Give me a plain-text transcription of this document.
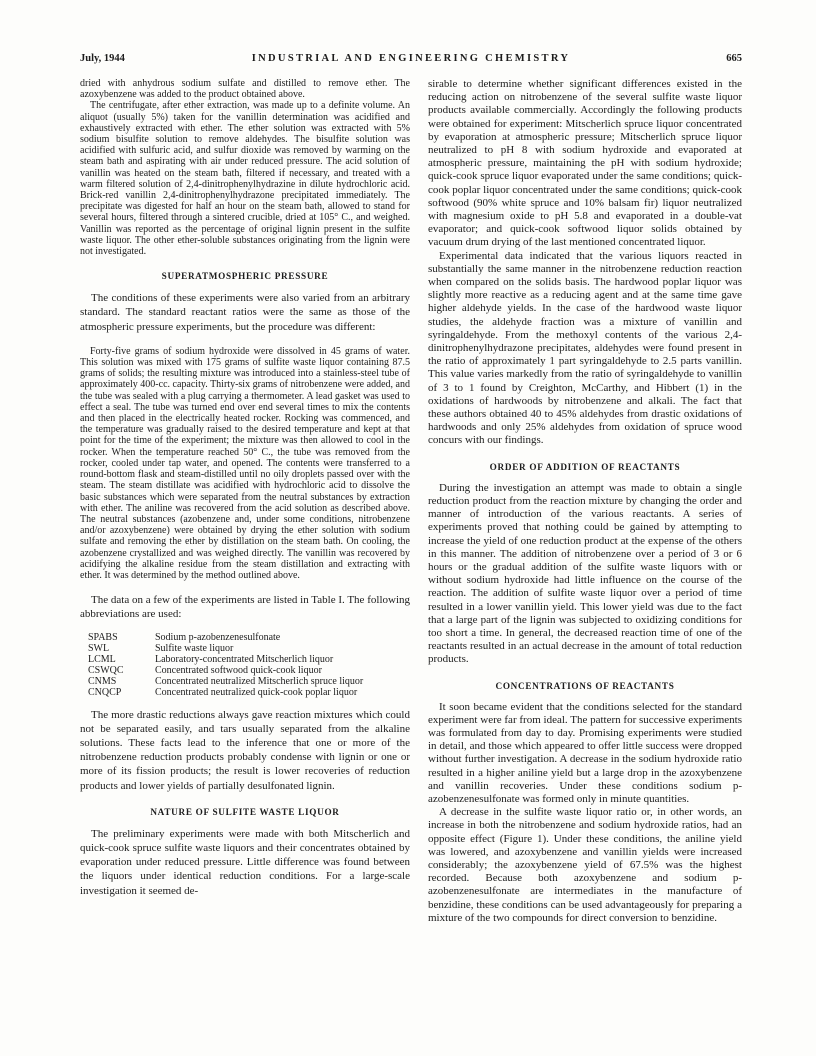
July, 1944	INDUSTRIAL AND ENGINEERING CHEMISTRY	665

dried with anhydrous sodium sulfate and distilled to remove ether. The azoxybenzene was added to the product obtained above.

The centrifugate, after ether extraction, was made up to a definite volume. An aliquot (usually 5%) taken for the vanillin determination was acidified and exhaustively extracted with ether. The ether solution was extracted with 5% sodium bisulfite solution to remove aldehydes. The bisulfite solution was acidified with sulfuric acid, and sulfur dioxide was removed by warming on the steam bath and aspirating with air under reduced pressure. The acid solution of vanillin was heated on the steam bath, filtered if necessary, and treated with a warm filtered solution of 2,4-dinitrophenylhydrazine in dilute hydrochloric acid. Brick-red vanillin 2,4-dinitrophenylhydrazone precipitated immediately. The precipitate was digested for half an hour on the steam bath, allowed to stand for several hours, filtered through a sintered crucible, dried at 105° C., and weighed. Vanillin was reported as the percentage of original lignin present in the sulfite waste liquor. The other ether-soluble substances originating from the lignin were not investigated.

SUPERATMOSPHERIC PRESSURE

The conditions of these experiments were also varied from an arbitrary standard. The standard reactant ratios were the same as those of the atmospheric pressure experiments, but the procedure was different:

Forty-five grams of sodium hydroxide were dissolved in 45 grams of water. This solution was mixed with 175 grams of sulfite waste liquor containing 87.5 grams of solids; the resulting mixture was introduced into a stainless-steel tube of approximately 400-cc. capacity. Thirty-six grams of nitrobenzene were added, and the tube was sealed with a plug carrying a thermometer. A lead gasket was used to effect a seal. The tube was turned end over end several times to mix the contents and then placed in the electrically heated rocker. Rocking was commenced, and the temperature was gradually raised to the desired temperature and kept at that point for the time of the experiment; the mixture was then allowed to cool in the rocker. When the temperature reached 50° C., the tube was removed from the rocker, cooled under tap water, and opened. The contents were transferred to a round-bottom flask and steam-distilled until no oily droplets passed over with the steam. The steam distillate was acidified with hydrochloric acid to dissolve the basic substances which were separated from the neutral substances by extraction with ether. The aniline was recovered from the acid solution as described above. The neutral substances (azobenzene and, under some conditions, nitrobenzene and/or azoxybenzene) were obtained by drying the ether solution with sodium sulfate and removing the ether by distillation on the steam bath. On cooling, the azobenzene crystallized and was weighed directly. The vanillin was recovered by acidifying the alkaline residue from the steam distillation and extracting with ether. It was determined by the method outlined above.

The data on a few of the experiments are listed in Table I. The following abbreviations are used:

SPABS	Sodium p-azobenzenesulfonate
SWL	Sulfite waste liquor
LCML	Laboratory-concentrated Mitscherlich liquor
CSWQC	Concentrated softwood quick-cook liquor
CNMS	Concentrated neutralized Mitscherlich spruce liquor
CNQCP	Concentrated neutralized quick-cook poplar liquor

The more drastic reductions always gave reaction mixtures which could not be separated easily, and tars usually separated from the alkaline solutions. These facts lead to the inference that one or more of the nitrobenzene reduction products probably condense with lignin or one or more of its fission products; the result is lower recoveries of reduction products and lower yields of partially desulfonated lignin.

NATURE OF SULFITE WASTE LIQUOR

The preliminary experiments were made with both Mitscherlich and quick-cook spruce sulfite waste liquors and their concentrates obtained by evaporation under reduced pressure. Little difference was found between the liquors under identical reduction conditions. For a large-scale investigation it seemed de-

sirable to determine whether significant differences existed in the reducing action on nitrobenzene of the several sulfite waste liquor products available commercially. Accordingly the following products were obtained for experiment: Mitscherlich spruce liquor concentrated by evaporation at atmospheric pressure; Mitscherlich spruce liquor neutralized to pH 8 with sodium hydroxide and evaporated at atmospheric pressure, maintaining the pH with sodium hydroxide; quick-cook spruce liquor evaporated under the same conditions; quick-cook poplar liquor concentrated under the same conditions; quick-cook softwood (90% white spruce and 10% balsam fir) liquor neutralized with magnesium oxide to pH 5.8 and evaporated in a double-vat evaporator; and quick-cook softwood liquor solids obtained by vacuum drum drying of the last mentioned concentrated liquor.

Experimental data indicated that the various liquors reacted in substantially the same manner in the nitrobenzene reduction reaction when compared on the solids basis. The hardwood poplar liquor was slightly more reactive as a reducing agent and at the same time gave higher aldehyde yields. In the case of the hardwood waste liquor studies, the aldehyde fraction was a mixture of vanillin and syringaldehyde. From the methoxyl contents of the various 2,4-dinitrophenylhydrazone precipitates, aldehydes were found present in the ratio of approximately 1 part syringaldehyde to 2.5 parts vanillin. This value varies markedly from the ratio of syringaldehyde to vanillin of 3 to 1 found by Creighton, McCarthy, and Hibbert (1) in the oxidations of hardwoods by nitrobenzene and alkali. The fact that these authors obtained 40 to 45% aldehydes from drastic oxidations of hardwoods and only 25% aldehydes from oxidation of spruce wood concurs with our findings.

ORDER OF ADDITION OF REACTANTS

During the investigation an attempt was made to obtain a single reduction product from the reaction mixture by changing the order and manner of introduction of the various reactants. A series of experiments proved that nothing could be gained by attempting to increase the yield of one reduction product at the expense of the others in this manner. The addition of nitrobenzene over a period of 3 or 6 hours or the gradual addition of the sulfite waste liquors with or without sodium hydroxide had little influence on the course of the reaction. The addition of sulfite waste liquor over a period of time resulted in a lower vanillin yield. This lower yield was due to the fact that a large part of the lignin was subjected to oxidizing conditions for too short a time. In general, the decreased reaction time of one of the reactants resulted in an actual decrease in the amount of total reduction products.

CONCENTRATIONS OF REACTANTS

It soon became evident that the conditions selected for the standard experiment were far from ideal. The pattern for successive experiments was formulated from day to day. Promising experiments were studied in detail, and those which appeared to offer little success were dropped without further investigation. A decrease in the sodium hydroxide ratio resulted in a higher aniline yield but a large drop in the azoxybenzene and vanillin recoveries. Under these conditions sodium p-azobenzenesulfonate was formed only in minute quantities.

A decrease in the sulfite waste liquor ratio or, in other words, an increase in both the nitrobenzene and sodium hydroxide ratios, had an opposite effect (Figure 1). Under these conditions, the aniline yield was lowered, and azoxybenzene and vanillin yields were increased considerably; the azoxybenzene yield of 67.5% was the highest recorded. Because both azoxybenzene and sodium p-azobenzenesulfonate are intermediates in the manufacture of benzidine, these conditions can be used advantageously for preparing a mixture of the two compounds for direct conversion to benzidine.
